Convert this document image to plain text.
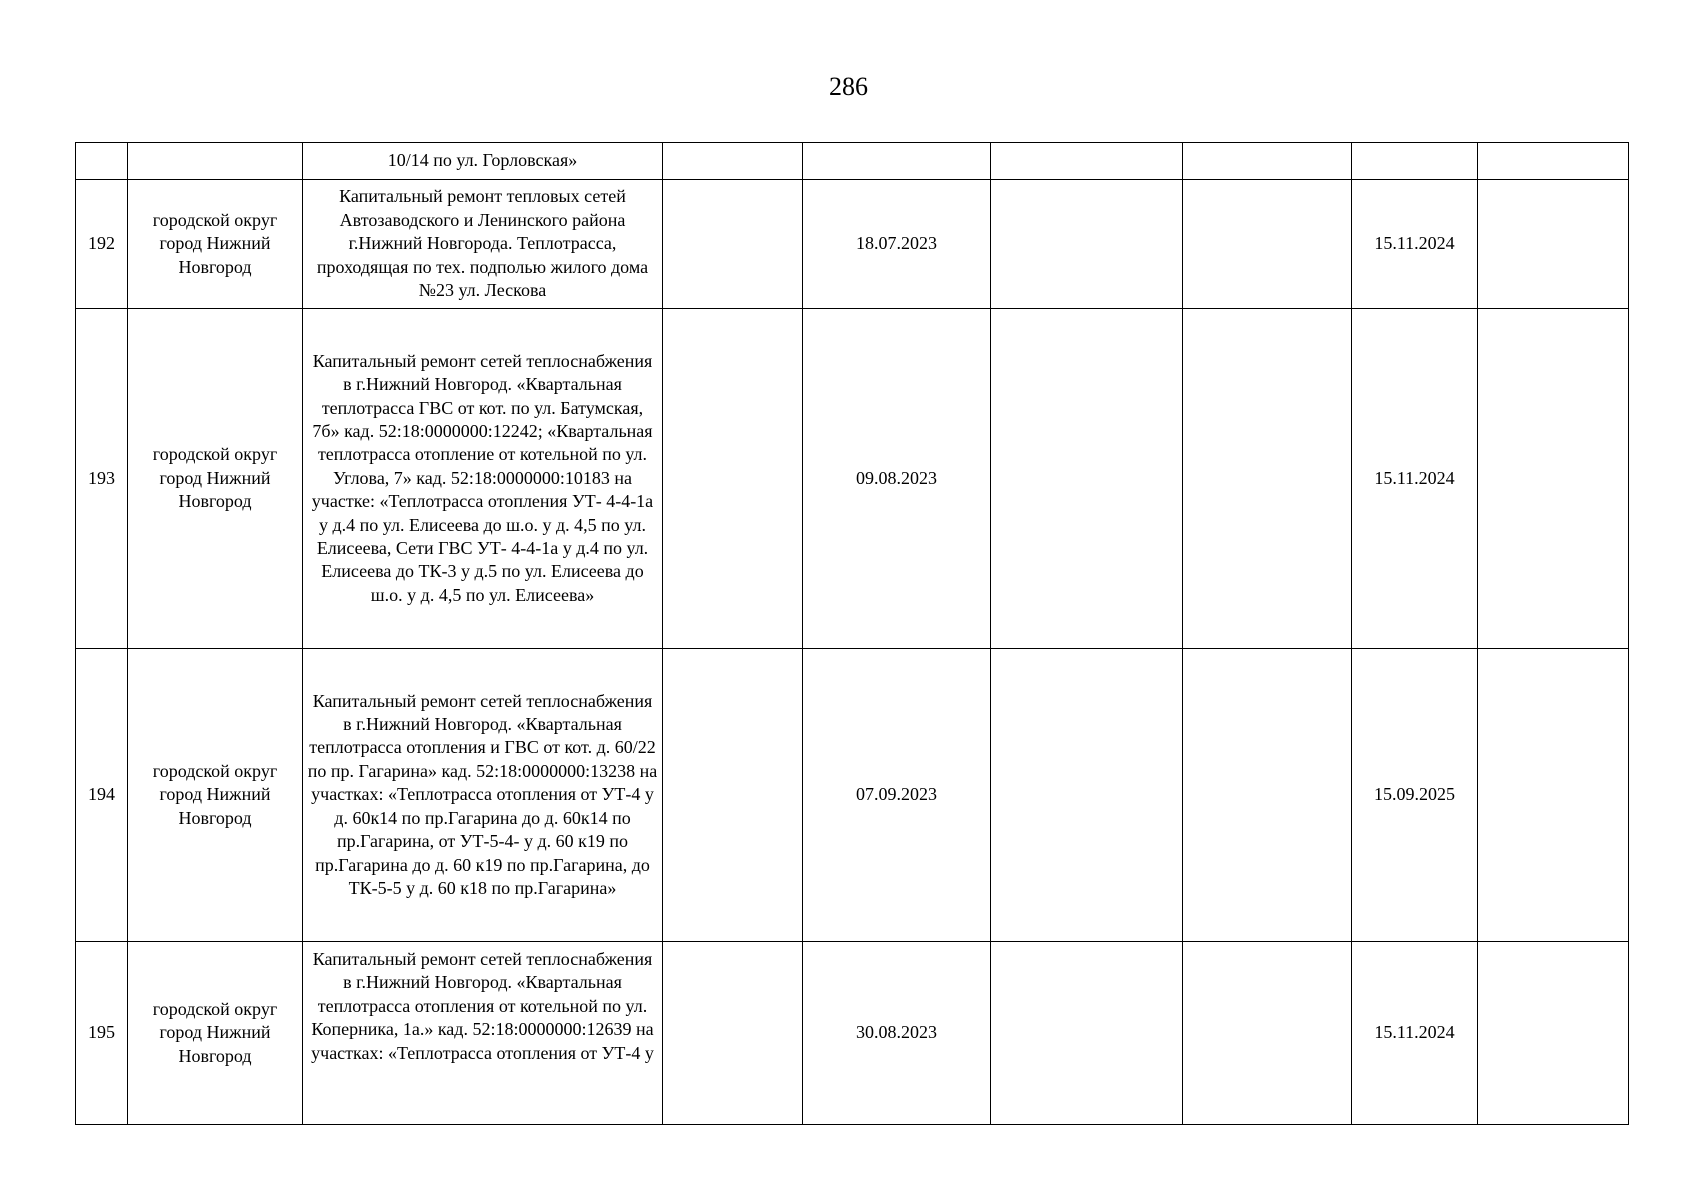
286
		10/14 по ул. Горловская»						
192	городской округ город Нижний Новгород	Капитальный ремонт тепловых сетей Автозаводского и Ленинского района г.Нижний Новгорода. Теплотрасса, проходящая по тех. подполью жилого дома №23 ул. Лескова		18.07.2023			15.11.2024	
193	городской округ город Нижний Новгород	Капитальный ремонт сетей теплоснабжения в г.Нижний Новгород. «Квартальная теплотрасса ГВС от кот. по ул. Батумская, 7б» кад. 52:18:0000000:12242; «Квартальная теплотрасса отопление от котельной по ул. Углова, 7» кад. 52:18:0000000:10183 на участке: «Теплотрасса отопления УТ- 4-4-1а у д.4 по ул. Елисеева до ш.о. у д. 4,5 по ул. Елисеева, Сети ГВС УТ- 4-4-1а у д.4 по ул. Елисеева до ТК-3 у д.5 по ул. Елисеева до ш.о. у д. 4,5 по ул. Елисеева»		09.08.2023			15.11.2024	
194	городской округ город Нижний Новгород	Капитальный ремонт сетей теплоснабжения в г.Нижний Новгород. «Квартальная теплотрасса отопления и ГВС от кот. д. 60/22 по пр. Гагарина» кад. 52:18:0000000:13238 на участках: «Теплотрасса отопления от УТ-4 у д. 60к14 по пр.Гагарина до д. 60к14 по пр.Гагарина, от УТ-5-4- у д. 60 к19 по пр.Гагарина до д. 60 к19 по пр.Гагарина, до ТК-5-5 у д. 60 к18 по пр.Гагарина»		07.09.2023			15.09.2025	
195	городской округ город Нижний Новгород	Капитальный ремонт сетей теплоснабжения в г.Нижний Новгород. «Квартальная теплотрасса отопления от котельной по ул. Коперника, 1а.» кад. 52:18:0000000:12639 на участках: «Теплотрасса отопления от УТ-4 у		30.08.2023			15.11.2024	
